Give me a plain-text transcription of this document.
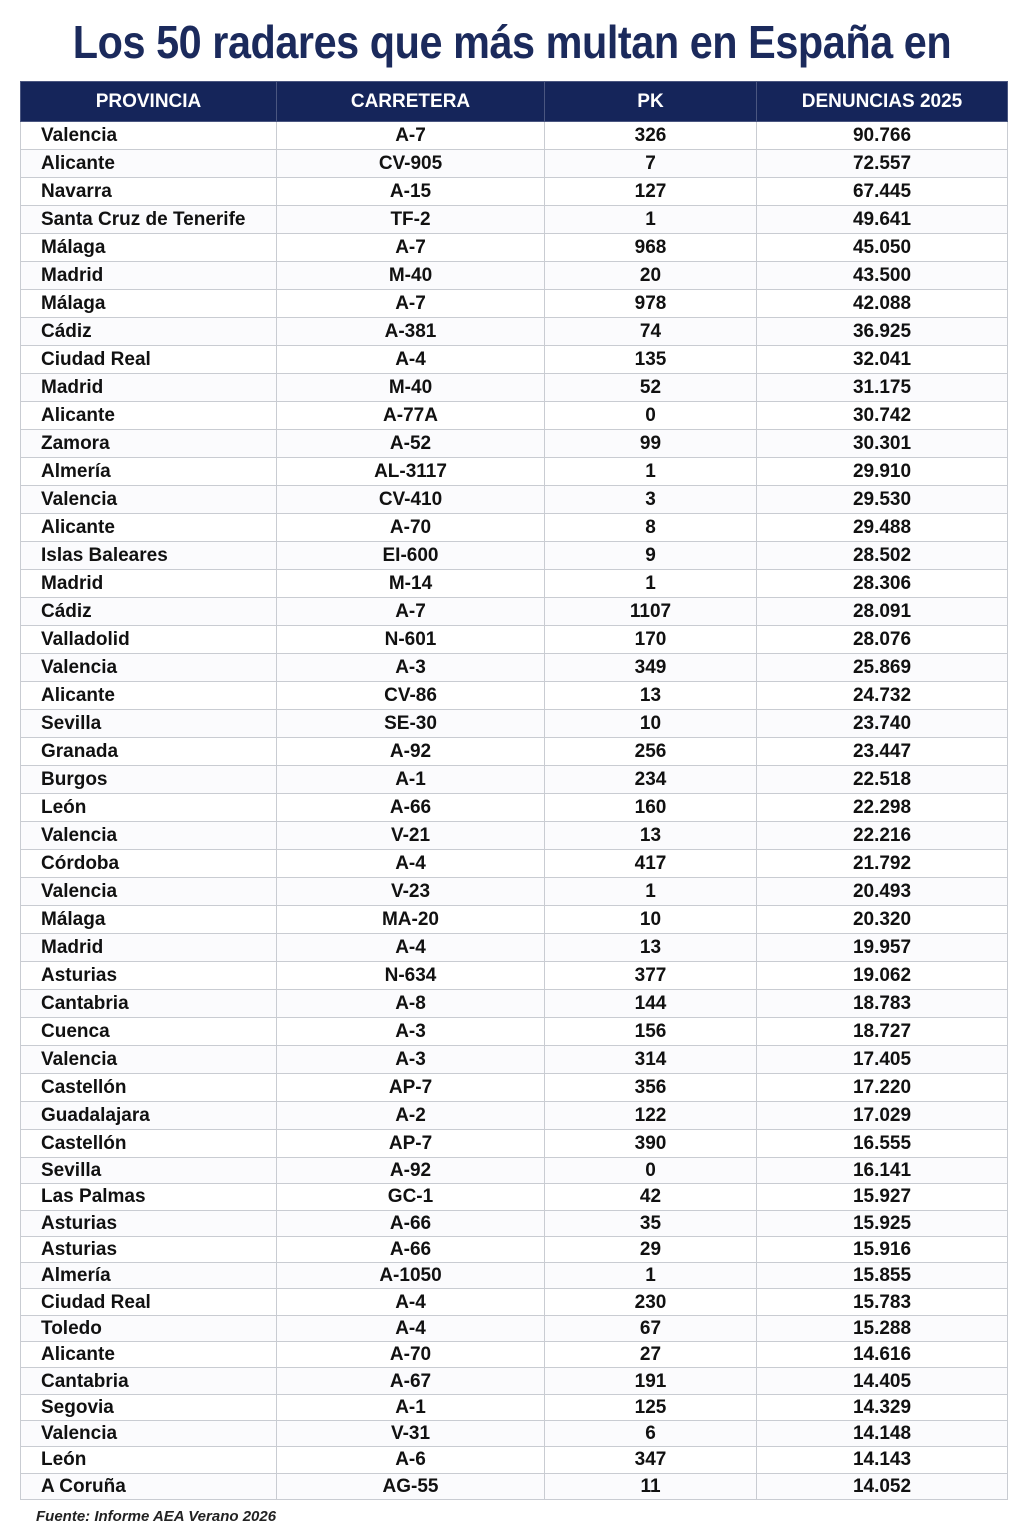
Los 50 radares que más multan en España en
PROVINCIA	CARRETERA	PK	DENUNCIAS 2025
Valencia	A-7	326	90.766
Alicante	CV-905	7	72.557
Navarra	A-15	127	67.445
Santa Cruz de Tenerife	TF-2	1	49.641
Málaga	A-7	968	45.050
Madrid	M-40	20	43.500
Málaga	A-7	978	42.088
Cádiz	A-381	74	36.925
Ciudad Real	A-4	135	32.041
Madrid	M-40	52	31.175
Alicante	A-77A	0	30.742
Zamora	A-52	99	30.301
Almería	AL-3117	1	29.910
Valencia	CV-410	3	29.530
Alicante	A-70	8	29.488
Islas Baleares	EI-600	9	28.502
Madrid	M-14	1	28.306
Cádiz	A-7	1107	28.091
Valladolid	N-601	170	28.076
Valencia	A-3	349	25.869
Alicante	CV-86	13	24.732
Sevilla	SE-30	10	23.740
Granada	A-92	256	23.447
Burgos	A-1	234	22.518
León	A-66	160	22.298
Valencia	V-21	13	22.216
Córdoba	A-4	417	21.792
Valencia	V-23	1	20.493
Málaga	MA-20	10	20.320
Madrid	A-4	13	19.957
Asturias	N-634	377	19.062
Cantabria	A-8	144	18.783
Cuenca	A-3	156	18.727
Valencia	A-3	314	17.405
Castellón	AP-7	356	17.220
Guadalajara	A-2	122	17.029
Castellón	AP-7	390	16.555
Sevilla	A-92	0	16.141
Las Palmas	GC-1	42	15.927
Asturias	A-66	35	15.925
Asturias	A-66	29	15.916
Almería	A-1050	1	15.855
Ciudad Real	A-4	230	15.783
Toledo	A-4	67	15.288
Alicante	A-70	27	14.616
Cantabria	A-67	191	14.405
Segovia	A-1	125	14.329
Valencia	V-31	6	14.148
León	A-6	347	14.143
A Coruña	AG-55	11	14.052
Fuente: Informe AEA Verano 2026
